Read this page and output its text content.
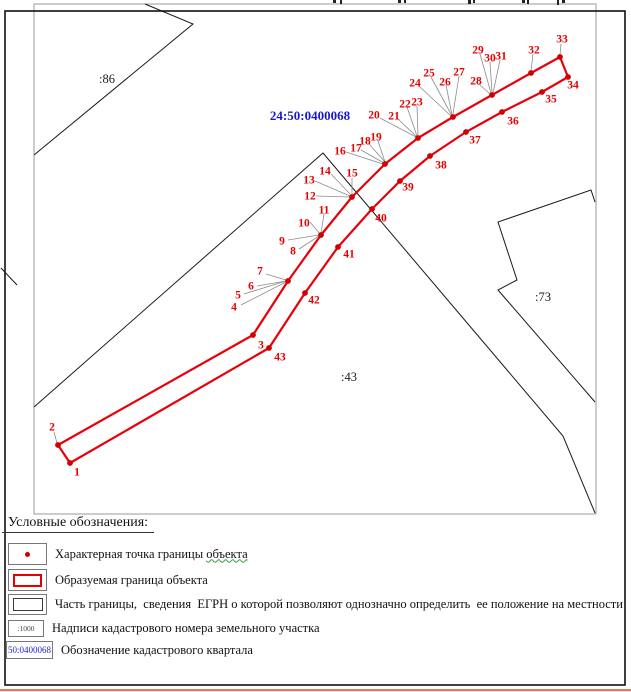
:86
:73
:43
1
2
3
4
5
6
7
8
9
10
11
12
13
14 15
16 17
18 19
20 21
22 23
24
25
26
27
28
29
30 31 32
33
34
35
36
37
38
39
40
41
42
43
24:50:0400068
Условные обозначения:
Характерная точка границы объекта
Образуемая граница объекта
Часть границы,  сведения  ЕГРН о которой позволяют однозначно определить  ее положение на местности
:1000	Надписи кадастрового номера земельного участка
50:0400068 Обозначение кадастрового квартала
